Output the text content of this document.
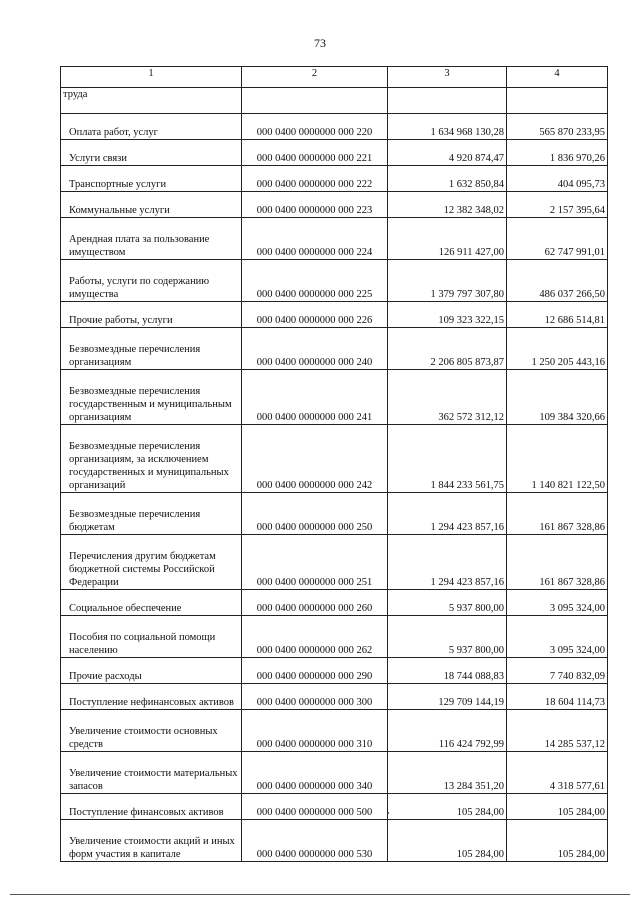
73
1	2	3	4
труда			

Оплата работ, услуг	000 0400 0000000 000 220	1 634 968 130,28	565 870 233,95

Услуги связи	000 0400 0000000 000 221	4 920 874,47	1 836 970,26

Транспортные услуги	000 0400 0000000 000 222	1 632 850,84	404 095,73

Коммунальные услуги	000 0400 0000000 000 223	12 382 348,02	2 157 395,64

Арендная плата за пользование имуществом	000 0400 0000000 000 224	126 911 427,00	62 747 991,01

Работы, услуги по содержанию имущества	000 0400 0000000 000 225	1 379 797 307,80	486 037 266,50

Прочие работы, услуги	000 0400 0000000 000 226	109 323 322,15	12 686 514,81

Безвозмездные перечисления организациям	000 0400 0000000 000 240	2 206 805 873,87	1 250 205 443,16

Безвозмездные перечисления государственным и муниципальным организациям	000 0400 0000000 000 241	362 572 312,12	109 384 320,66

Безвозмездные перечисления организациям, за исключением государственных и муниципальных организаций	000 0400 0000000 000 242	1 844 233 561,75	1 140 821 122,50

Безвозмездные перечисления бюджетам	000 0400 0000000 000 250	1 294 423 857,16	161 867 328,86

Перечисления другим бюджетам бюджетной системы Российской Федерации	000 0400 0000000 000 251	1 294 423 857,16	161 867 328,86

Социальное обеспечение	000 0400 0000000 000 260	5 937 800,00	3 095 324,00

Пособия по социальной помощи населению	000 0400 0000000 000 262	5 937 800,00	3 095 324,00

Прочие расходы	000 0400 0000000 000 290	18 744 088,83	7 740 832,09

Поступление нефинансовых активов	000 0400 0000000 000 300	129 709 144,19	18 604 114,73

Увеличение стоимости основных средств	000 0400 0000000 000 310	116 424 792,99	14 285 537,12

Увеличение стоимости материальных запасов	000 0400 0000000 000 340	13 284 351,20	4 318 577,61

Поступление финансовых активов	000 0400 0000000 000 500	105 284,00	105 284,00

Увеличение стоимости акций и иных форм участия в капитале	000 0400 0000000 000 530	105 284,00	105 284,00
